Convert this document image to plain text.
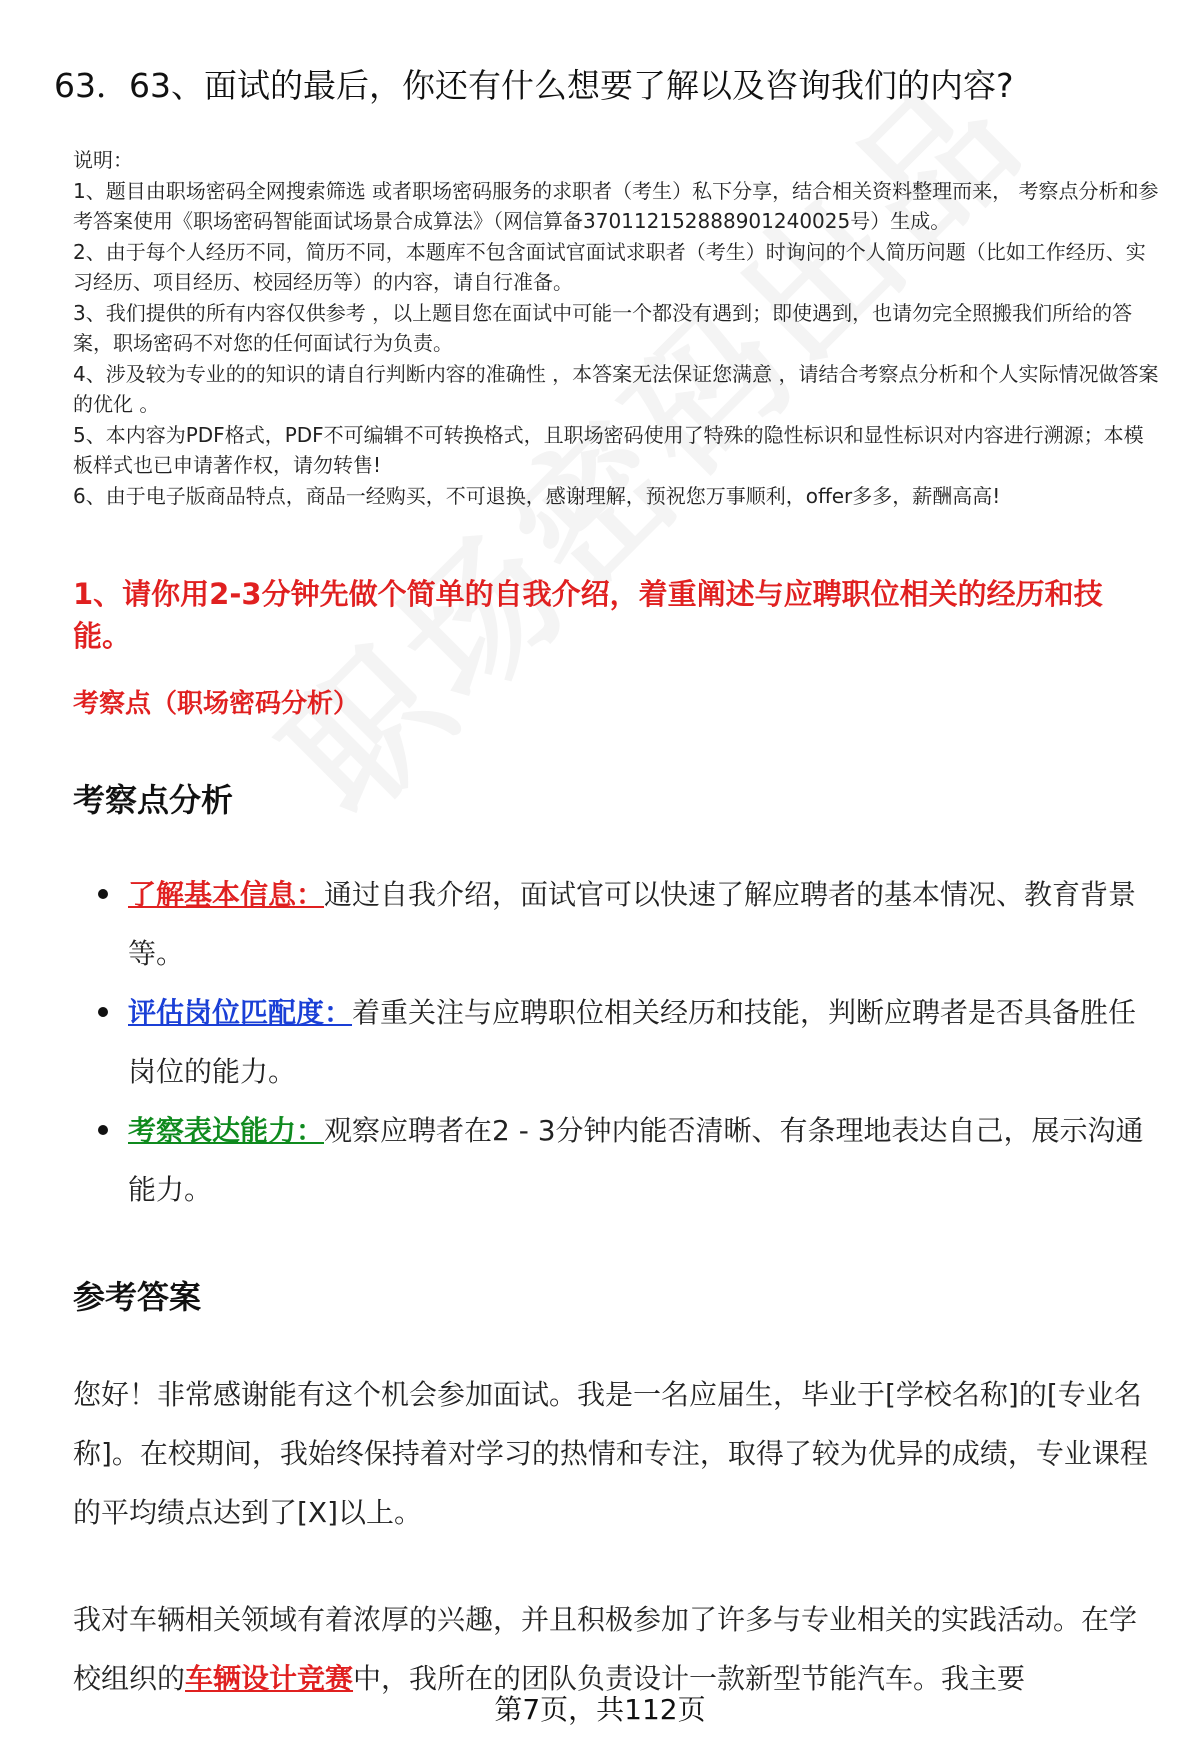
63．63、面试的最后，你还有什么想要了解以及咨询我们的内容?
说明：
1、题目由职场密码全网搜索筛选 或者职场密码服务的求职者（考生）私下分享，结合相关资料整理而来， 考察点分析和参考答案使用《职场密码智能面试场景合成算法》（网信算备370112152888901240025号）生成。
2、由于每个人经历不同，简历不同，本题库不包含面试官面试求职者（考生）时询问的个人简历问题（比如工作经历、实习经历、项目经历、校园经历等）的内容，请自行准备。
3、我们提供的所有内容仅供参考 ，以上题目您在面试中可能一个都没有遇到；即使遇到，也请勿完全照搬我们所给的答案，职场密码不对您的任何面试行为负责。
4、涉及较为专业的的知识的请自行判断内容的准确性 ，本答案无法保证您满意 ，请结合考察点分析和个人实际情况做答案的优化 。
5、本内容为PDF格式，PDF不可编辑不可转换格式，且职场密码使用了特殊的隐性标识和显性标识对内容进行溯源；本模板样式也已申请著作权，请勿转售!
6、由于电子版商品特点，商品一经购买，不可退换，感谢理解，预祝您万事顺利，offer多多，薪酬高高!
1、请你用2-3分钟先做个简单的自我介绍，着重阐述与应聘职位相关的经历和技能。
考察点（职场密码分析）
考察点分析
了解基本信息：通过自我介绍，面试官可以快速了解应聘者的基本情况、教育背景等。
评估岗位匹配度：着重关注与应聘职位相关经历和技能，判断应聘者是否具备胜任岗位的能力。
考察表达能力：观察应聘者在2 - 3分钟内能否清晰、有条理地表达自己，展示沟通能力。
参考答案

您好！非常感谢能有这个机会参加面试。我是一名应届生，毕业于[学校名称]的[专业名称]。在校期间，我始终保持着对学习的热情和专注，取得了较为优异的成绩，专业课程的平均绩点达到了[X]以上。

我对车辆相关领域有着浓厚的兴趣，并且积极参加了许多与专业相关的实践活动。在学校组织的车辆设计竞赛中，我所在的团队负责设计一款新型节能汽车。我主要

第7页，共112页
